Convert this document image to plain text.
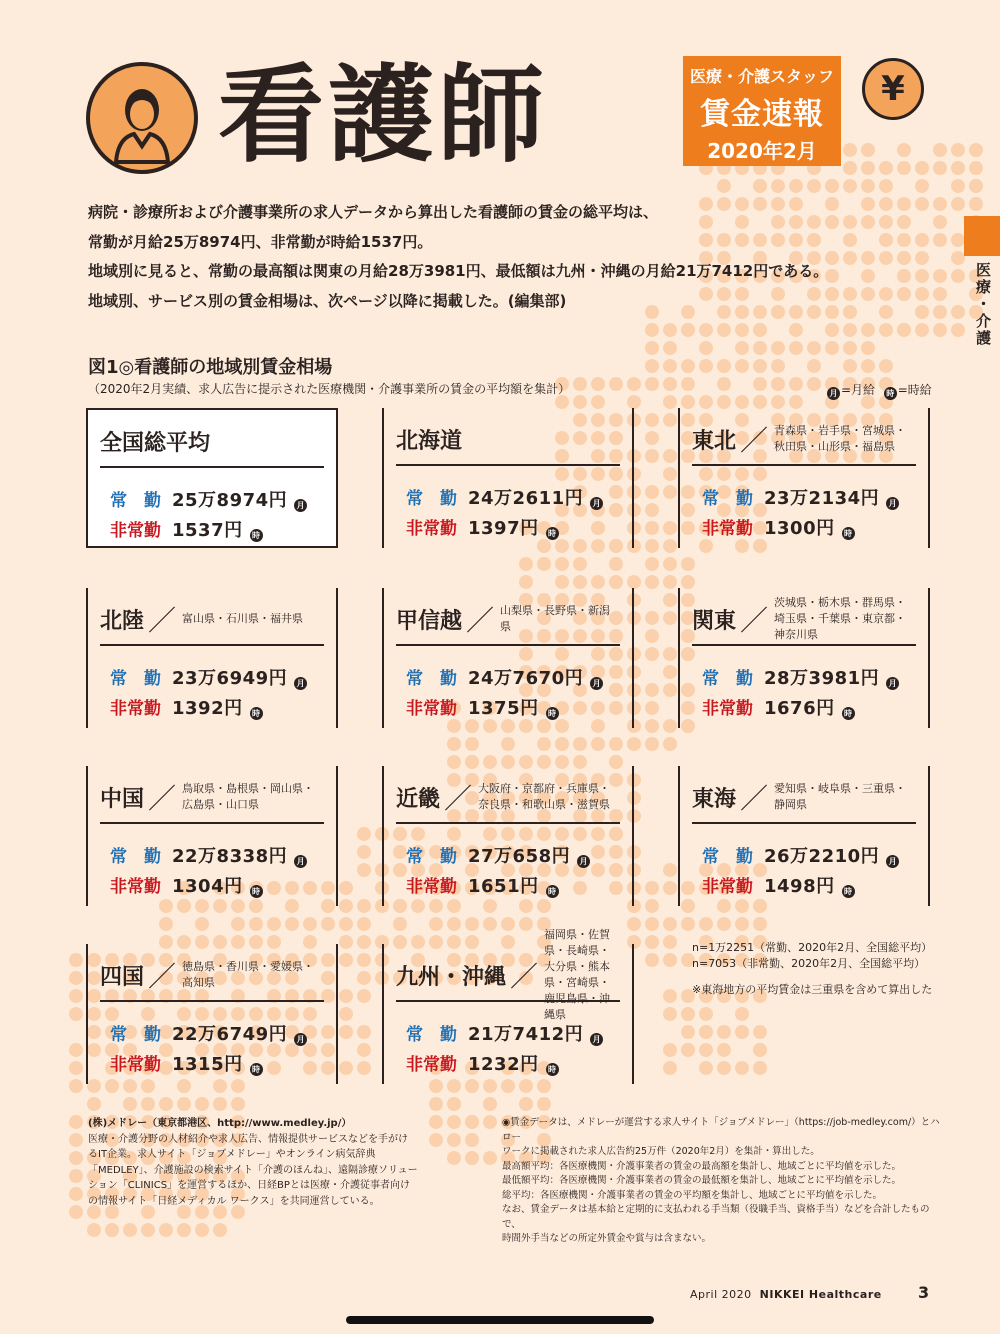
看護師	医療・介護スタッフ
賃金速報
2020年2月
¥
医療・介護

病院・診療所および介護事業所の求人データから算出した看護師の賃金の総平均は、

常勤が月給25万8974円、非常勤が時給1537円。

地域別に見ると、常勤の最高額は関東の月給28万3981円、最低額は九州・沖縄の月給21万7412円である。

地域別、サービス別の賃金相場は、次ページ以降に掲載した。(編集部)

図1◎看護師の地域別賃金相場
（2020年2月実績、求人広告に提示された医療機関・介護事業所の賃金の平均額を集計）	月 =月給 時 =時給
全国総平均
常　勤 25万8974円 月
非常勤 1537円 時
北海道
常　勤 24万2611円 月
非常勤 1397円 時
東北 ／ 青森県・岩手県・宮城県・秋田県・山形県・福島県
常　勤 23万2134円 月
非常勤 1300円 時
北陸 ／ 富山県・石川県・福井県
常　勤 23万6949円 月
非常勤 1392円 時
甲信越 ／ 山梨県・長野県・新潟県
常　勤 24万7670円 月
非常勤 1375円 時
関東 ／
茨城県・栃木県・群馬県・埼玉県・千葉県・東京都・神奈川県
常　勤 28万3981円 月
非常勤 1676円 時
中国 ／ 鳥取県・島根県・岡山県・広島県・山口県
常　勤 22万8338円 月
非常勤 1304円 時
近畿 ／ 大阪府・京都府・兵庫県・奈良県・和歌山県・滋賀県
常　勤 27万658円 月
非常勤 1651円 時
東海 ／ 愛知県・岐阜県・三重県・静岡県
常　勤 26万2210円 月
非常勤 1498円 時
四国 ／ 徳島県・香川県・愛媛県・高知県
常　勤 22万6749円 月
非常勤 1315円 時
九州・沖縄 ／
福岡県・佐賀県・長崎県・大分県・熊本県・宮崎県・鹿児島県・沖縄県
常　勤 21万7412円 月
非常勤 1232円 時

n=1万2251（常勤、2020年2月、全国総平均）

n=7053（非常勤、2020年2月、全国総平均）

※東海地方の平均賃金は三重県を含めて算出した

(株)メドレー（東京都港区、http://www.medley.jp/）

医療・介護分野の人材紹介や求人広告、情報提供サービスなどを手がけ

るIT企業。求人サイト「ジョブメドレー」やオンライン病気辞典

「MEDLEY」、介護施設の検索サイト「介護のほんね」、遠隔診療ソリュー

ション「CLINICS」を運営するほか、日経BPとは医療・介護従事者向け

の情報サイト「日経メディカル ワークス」を共同運営している。

◉賃金データは、メドレーが運営する求人サイト「ジョブメドレー」（https://job-medley.com/）とハロー

ワークに掲載された求人広告約25万件（2020年2月）を集計・算出した。

最高額平均：各医療機関・介護事業者の賃金の最高額を集計し、地域ごとに平均値を示した。

最低額平均：各医療機関・介護事業者の賃金の最低額を集計し、地域ごとに平均値を示した。

総平均：各医療機関・介護事業者の賃金の平均額を集計し、地域ごとに平均値を示した。

なお、賃金データは基本給と定期的に支払われる手当類（役職手当、資格手当）などを合計したもので、

時間外手当などの所定外賃金や賞与は含まない。

April 2020 NIKKEI Healthcare 3
